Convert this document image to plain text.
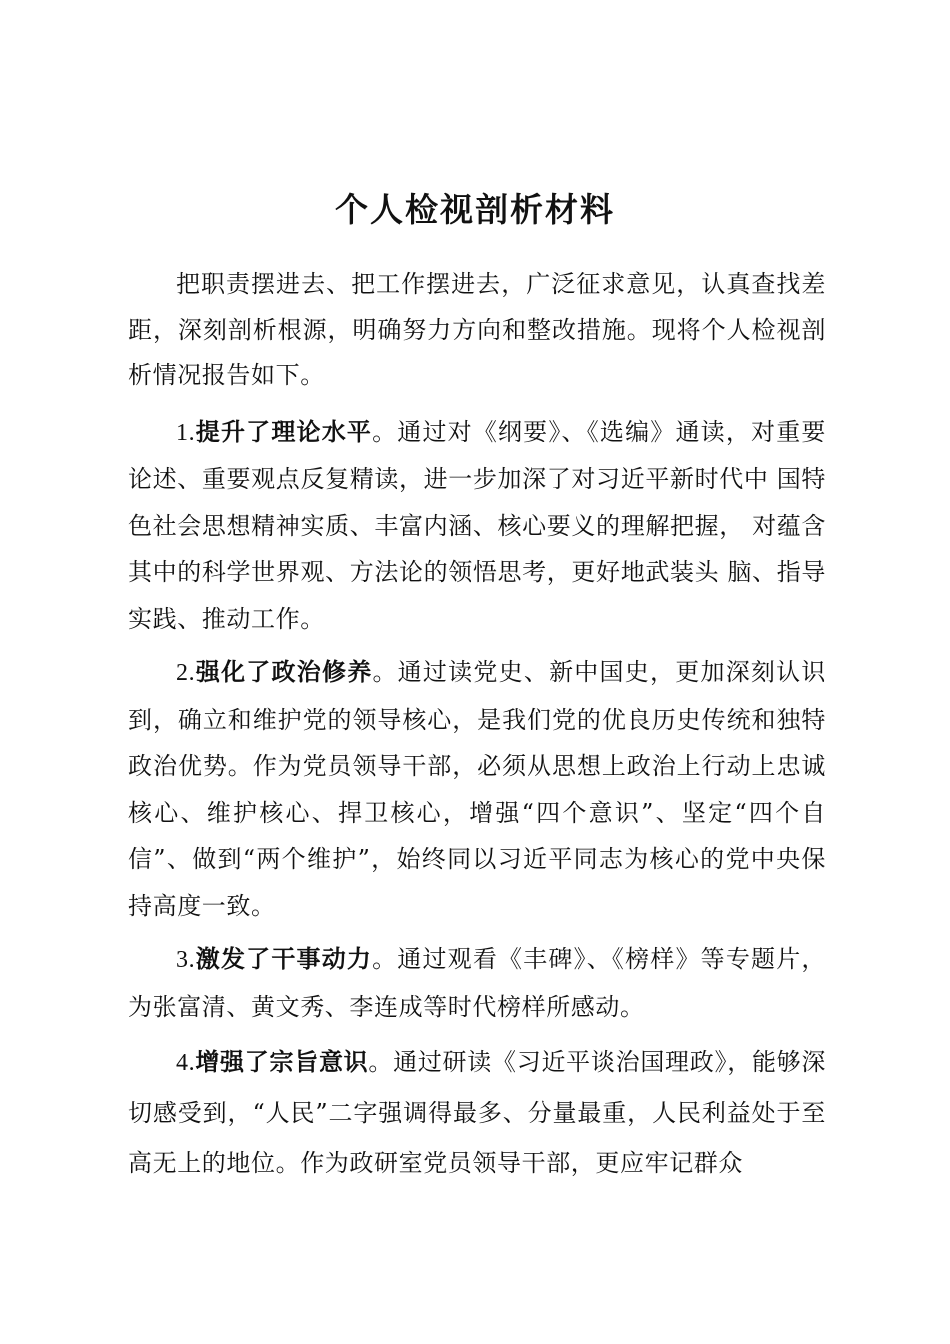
个人检视剖析材料

把职责摆进去、把工作摆进去，广泛征求意见，认真查找差距，深刻剖析根源，明确努力方向和整改措施。现将个人检视剖析情况报告如下。

1.提升了理论水平。通过对《纲要》、《选编》通读，对重要论述、重要观点反复精读，进一步加深了对习近平新时代中 国特色社会思想精神实质、丰富内涵、核心要义的理解把握， 对蕴含其中的科学世界观、方法论的领悟思考，更好地武装头 脑、指导实践、推动工作。

2.强化了政治修养。通过读党史、新中国史，更加深刻认识到，确立和维护党的领导核心，是我们党的优良历史传统和独特政治优势。作为党员领导干部，必须从思想上政治上行动上忠诚核心、维护核心、捍卫核心，增强“四个意识”、坚定“四个自信”、做到“两个维护”，始终同以习近平同志为核心的党中央保持高度一致。

3.激发了干事动力。通过观看《丰碑》、《榜样》等专题片，为张富清、黄文秀、李连成等时代榜样所感动。

4.增强了宗旨意识。通过研读《习近平谈治国理政》，能够深切感受到，“人民”二字强调得最多、分量最重，人民利益处于至高无上的地位。作为政研室党员领导干部，更应牢记群众
